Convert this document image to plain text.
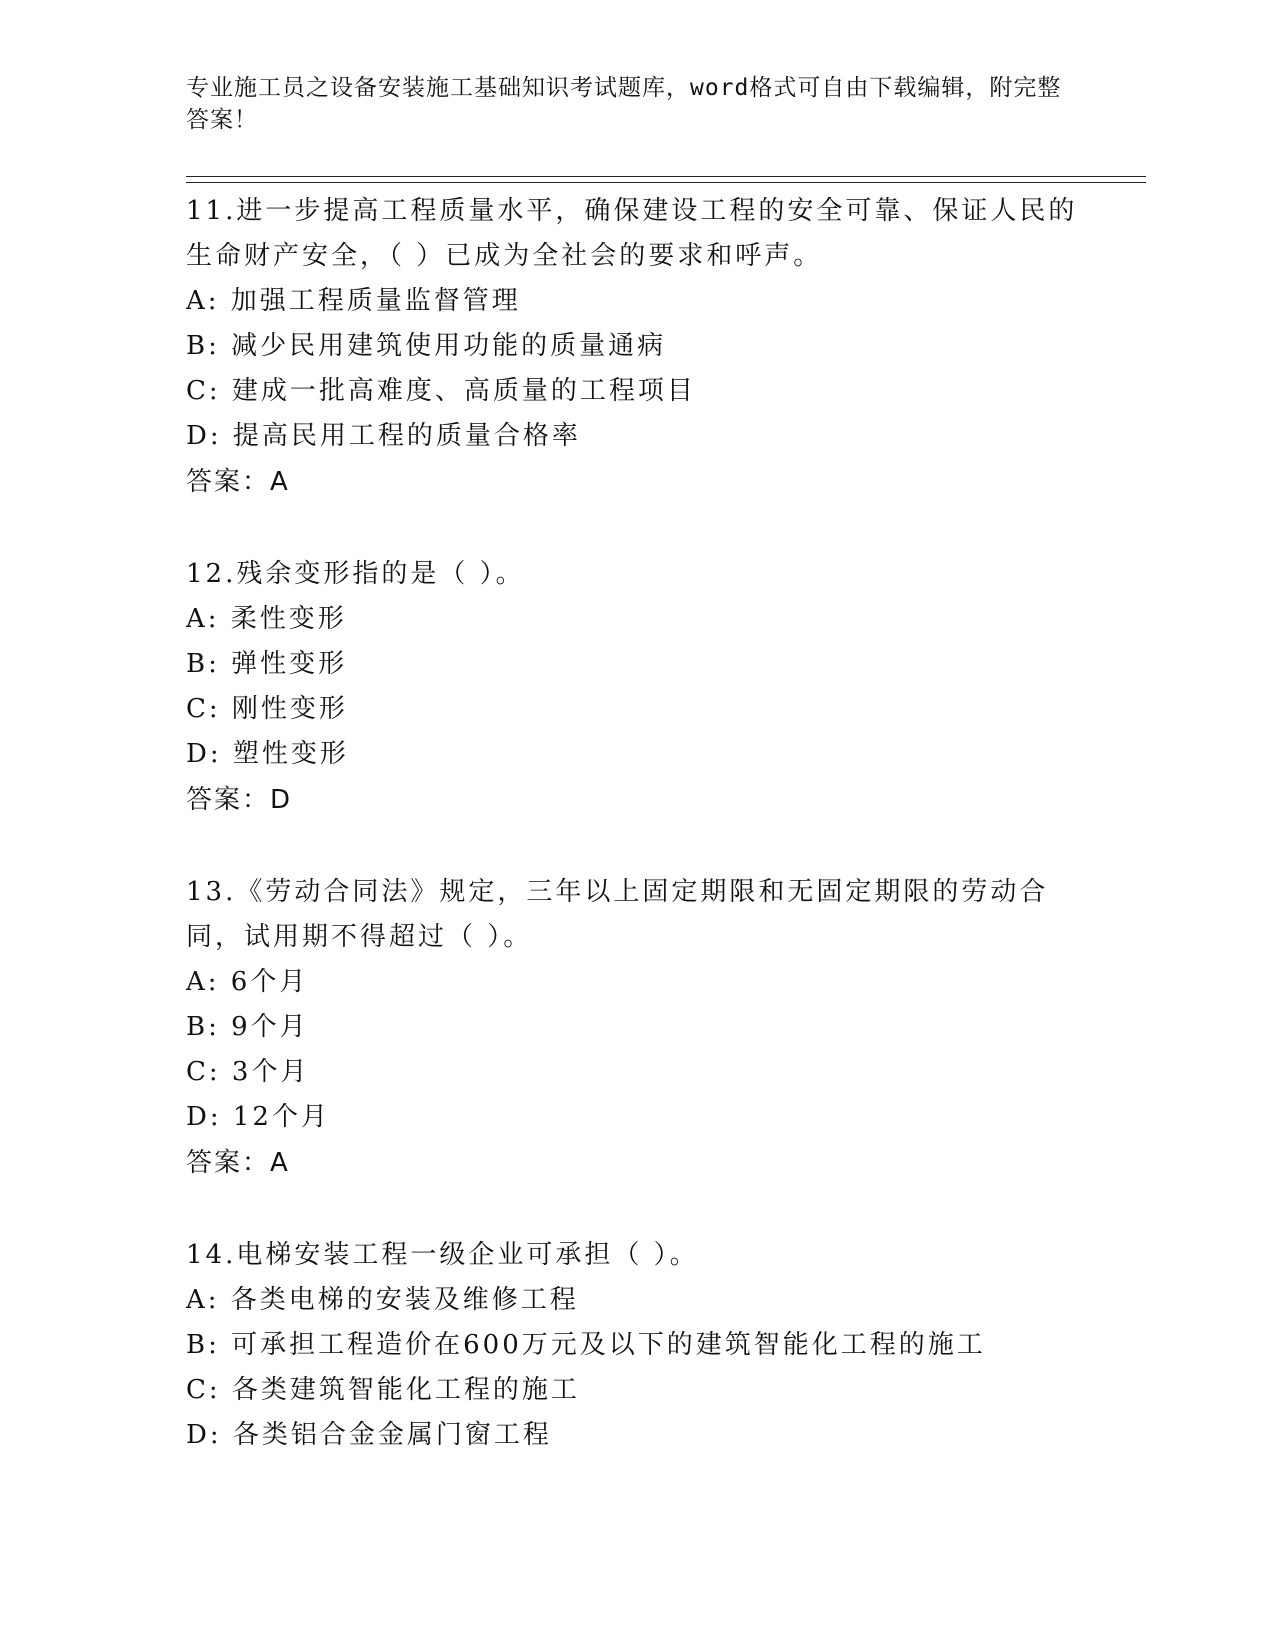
专业施工员之设备安装施工基础知识考试题库，word格式可自由下载编辑，附完整答案！
11.进一步提高工程质量水平，确保建设工程的安全可靠、保证人民的生命财产安全，（ ）已成为全社会的要求和呼声。
A: 加强工程质量监督管理
B: 减少民用建筑使用功能的质量通病
C: 建成一批高难度、高质量的工程项目
D: 提高民用工程的质量合格率
答案：A
12.残余变形指的是（ ）。
A: 柔性变形
B: 弹性变形
C: 刚性变形
D: 塑性变形
答案：D
13.《劳动合同法》规定，三年以上固定期限和无固定期限的劳动合同，试用期不得超过（ ）。
A: 6个月
B: 9个月
C: 3个月
D: 12个月
答案：A
14.电梯安装工程一级企业可承担（ ）。
A: 各类电梯的安装及维修工程
B: 可承担工程造价在600万元及以下的建筑智能化工程的施工
C: 各类建筑智能化工程的施工
D: 各类铝合金金属门窗工程
